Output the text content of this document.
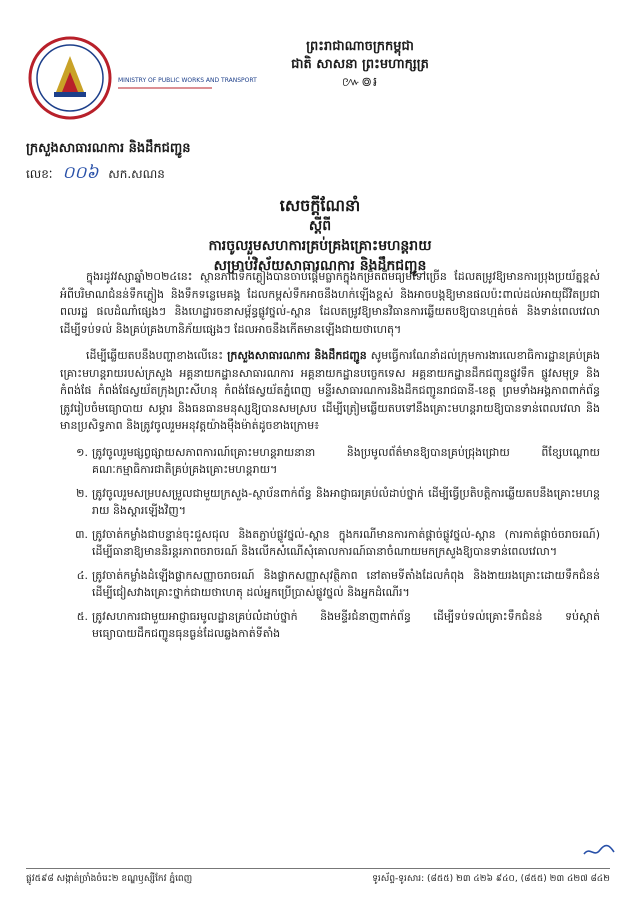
MINISTRY OF PUBLIC WORKS AND TRANSPORT
ព្រះរាជាណាចក្រកម្ពុជា
ជាតិ សាសនា ព្រះមហាក្សត្រ
៚៙៛
ក្រសួងសាធារណការ និងដឹកជញ្ជូន
លេខៈ ០០៦ សក.សណន
សេចក្តីណែនាំ
ស្តីពី
ការចូលរួមសហការគ្រប់គ្រងគ្រោះមហន្តរាយ
សម្រាប់វិស័យសាធារណការ និងដឹកជញ្ជូន

ក្នុងរដូវវស្សាឆ្នាំ២០២៤នេះ ស្ថានភាពទឹកភ្លៀងបានចាប់ផ្តើមធ្លាក់ក្នុងកម្រិតពីមធ្យមទៅច្រើន ដែលតម្រូវឱ្យមានការប្រុងប្រយ័ត្នខ្ពស់ អំពីបរិមាណជំនន់ទឹកភ្លៀង និងទឹកទន្លេមេគង្គ ដែលកម្ពស់ទឹកអាចនឹងហក់ឡើងខ្ពស់ និងអាចបង្កឱ្យមានផលប៉ះពាល់ដល់អាយុជីវិតប្រជាពលរដ្ឋ ផលដំណាំផ្សេងៗ និងហេដ្ឋារចនាសម្ព័ន្ធផ្លូវថ្នល់-ស្ពាន ដែលតម្រូវឱ្យមានវិធានការឆ្លើយតបឱ្យបានហ្មត់ចត់ និងទាន់ពេលវេលា ដើម្បីទប់ទល់ និងគ្រប់គ្រងហានិភ័យផ្សេងៗ ដែលអាចនឹងកើតមានឡើងជាយថាហេតុ។

ដើម្បីឆ្លើយតបនឹងបញ្ហាខាងលើនេះ ក្រសួងសាធារណការ និងដឹកជញ្ជូន សូមធ្វើការណែនាំដល់ក្រុមការងារលេខាធិការដ្ឋានគ្រប់គ្រងគ្រោះមហន្តរាយរបស់ក្រសួង អគ្គនាយកដ្ឋានសាធារណការ អគ្គនាយកដ្ឋានបច្ចេកទេស អគ្គនាយកដ្ឋានដឹកជញ្ជូនផ្លូវទឹក ផ្លូវសមុទ្រ និងកំពង់ផែ កំពង់ផែស្វយ័តក្រុងព្រះសីហនុ កំពង់ផែស្វយ័តភ្នំពេញ មន្ទីរសាធារណការនិងដឹកជញ្ជូនរាជធានី-ខេត្ត ព្រមទាំងអង្គភាពពាក់ព័ន្ធ ត្រូវរៀបចំមធ្យោបាយ សម្ភារ និងធនធានមនុស្សឱ្យបានសមស្រប ដើម្បីត្រៀមឆ្លើយតបទៅនឹងគ្រោះមហន្តរាយឱ្យបានទាន់ពេលវេលា និងមានប្រសិទ្ធភាព និងត្រូវចូលរួមអនុវត្តយ៉ាងម៉ឺងម៉ាត់ដូចខាងក្រោម៖

១. ត្រូវចូលរួមផ្សព្វផ្សាយសភាពការណ៍គ្រោះមហន្តរាយនានា និងប្រមូលព័ត៌មានឱ្យបានគ្រប់ជ្រុងជ្រោយ ពីខ្សែបណ្តោយគណៈកម្មាធិការជាតិគ្រប់គ្រងគ្រោះមហន្តរាយ។
២. ត្រូវចូលរួមសម្របសម្រួលជាមួយក្រសួង-ស្ថាប័នពាក់ព័ន្ធ និងអាជ្ញាធរគ្រប់លំដាប់ថ្នាក់ ដើម្បីធ្វើប្រតិបត្តិការឆ្លើយតបនឹងគ្រោះមហន្តរាយ និងស្តារឡើងវិញ។
៣. ត្រូវចាត់កម្លាំងជាបន្ទាន់ចុះជួសជុល និងតភ្ជាប់ផ្លូវថ្នល់-ស្ពាន ក្នុងករណីមានការកាត់ផ្តាច់ផ្លូវថ្នល់-ស្ពាន (ការកាត់ផ្តាច់ចរាចរណ៍) ដើម្បីធានាឱ្យមាននិរន្តរភាពចរាចរណ៍ និងលើកសំណើសុំគោលការណ៍ធានាចំណាយមកក្រសួងឱ្យបានទាន់ពេលវេលា។
៤. ត្រូវចាត់កម្លាំងដំឡើងផ្លាកសញ្ញាចរាចរណ៍ និងផ្លាកសញ្ញាសុវត្ថិភាព នៅតាមទីតាំងដែលកំពុង និងងាយរងគ្រោះដោយទឹកជំនន់ ដើម្បីជៀសវាងគ្រោះថ្នាក់ជាយថាហេតុ ដល់អ្នកប្រើប្រាស់ផ្លូវថ្នល់ និងអ្នកដំណើរ។
៥. ត្រូវសហការជាមួយអាជ្ញាធរមូលដ្ឋានគ្រប់លំដាប់ថ្នាក់ និងមន្ទីរជំនាញពាក់ព័ន្ធ ដើម្បីទប់ទល់គ្រោះទឹកជំនន់ ទប់ស្កាត់មធ្យោបាយដឹកជញ្ជូនធុនធ្ងន់ដែលឆ្លងកាត់ទីតាំង
ផ្លូវ៥៩៨ សង្កាត់ច្រាំងចំរេះ២ ខណ្ឌឫស្សីកែវ ភ្នំពេញ	ទូរស័ព្ទ-ទូរសារ: (៨៥៥) ២៣ ៤២៦ ៩៤០, (៨៥៥) ២៣ ៤២៧ ៨៤២
